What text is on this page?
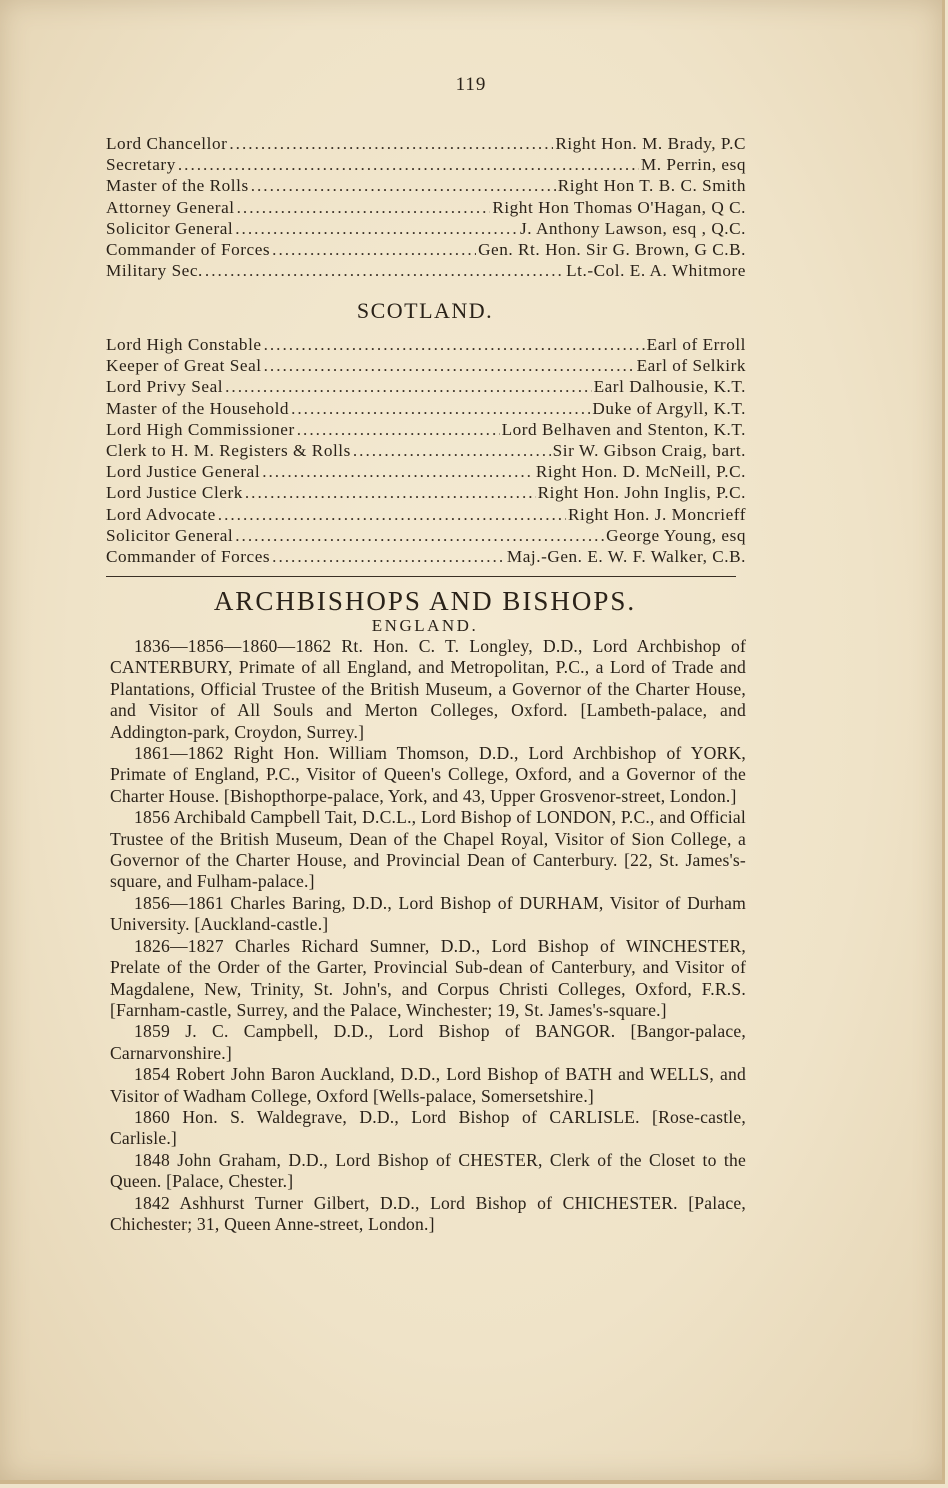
119
Lord Chancellor .....	Right Hon. M. Brady, P.C
Secretary .....	M. Perrin, esq
Master of the Rolls .....	Right Hon T. B. C. Smith
Attorney General .....	Right Hon Thomas O'Hagan, Q C.
Solicitor General .....	J. Anthony Lawson, esq , Q.C.
Commander of Forces .....	Gen. Rt. Hon. Sir G. Brown, G C.B.
Military Sec. .....	Lt.-Col. E. A. Whitmore
SCOTLAND.
Lord High Constable .....	Earl of Erroll
Keeper of Great Seal .....	Earl of Selkirk
Lord Privy Seal .....	Earl Dalhousie, K.T.
Master of the Household .....	Duke of Argyll, K.T.
Lord High Commissioner .....	Lord Belhaven and Stenton, K.T.
Clerk to H. M. Registers & Rolls .....	Sir W. Gibson Craig, bart.
Lord Justice General .....	Right Hon. D. McNeill, P.C.
Lord Justice Clerk .....	Right Hon. John Inglis, P.C.
Lord Advocate .....	Right Hon. J. Moncrieff
Solicitor General .....	George Young, esq
Commander of Forces .....	Maj.-Gen. E. W. F. Walker, C.B.
ARCHBISHOPS AND BISHOPS.
ENGLAND.

1836—1856—1860—1862 Rt. Hon. C. T. Longley, D.D., Lord Archbishop of CANTERBURY, Primate of all England, and Metropolitan, P.C., a Lord of Trade and Plantations, Official Trustee of the British Museum, a Governor of the Charter House, and Visitor of All Souls and Merton Colleges, Oxford. [Lambeth-palace, and Addington-park, Croydon, Surrey.]

1861—1862 Right Hon. William Thomson, D.D., Lord Archbishop of YORK, Primate of England, P.C., Visitor of Queen's College, Oxford, and a Governor of the Charter House. [Bishopthorpe-palace, York, and 43, Upper Grosvenor-street, London.]

1856 Archibald Campbell Tait, D.C.L., Lord Bishop of LONDON, P.C., and Official Trustee of the British Museum, Dean of the Chapel Royal, Visitor of Sion College, a Governor of the Charter House, and Provincial Dean of Canterbury. [22, St. James's-square, and Fulham-palace.]

1856—1861 Charles Baring, D.D., Lord Bishop of DURHAM, Visitor of Durham University. [Auckland-castle.]

1826—1827 Charles Richard Sumner, D.D., Lord Bishop of WINCHESTER, Prelate of the Order of the Garter, Provincial Sub-dean of Canterbury, and Visitor of Magdalene, New, Trinity, St. John's, and Corpus Christi Colleges, Oxford, F.R.S. [Farnham-castle, Surrey, and the Palace, Winchester; 19, St. James's-square.]

1859 J. C. Campbell, D.D., Lord Bishop of BANGOR. [Bangor-palace, Carnarvonshire.]

1854 Robert John Baron Auckland, D.D., Lord Bishop of BATH and WELLS, and Visitor of Wadham College, Oxford [Wells-palace, Somersetshire.]

1860 Hon. S. Waldegrave, D.D., Lord Bishop of CARLISLE. [Rose-castle, Carlisle.]

1848 John Graham, D.D., Lord Bishop of CHESTER, Clerk of the Closet to the Queen. [Palace, Chester.]

1842 Ashhurst Turner Gilbert, D.D., Lord Bishop of CHICHESTER. [Palace, Chichester; 31, Queen Anne-street, London.]
